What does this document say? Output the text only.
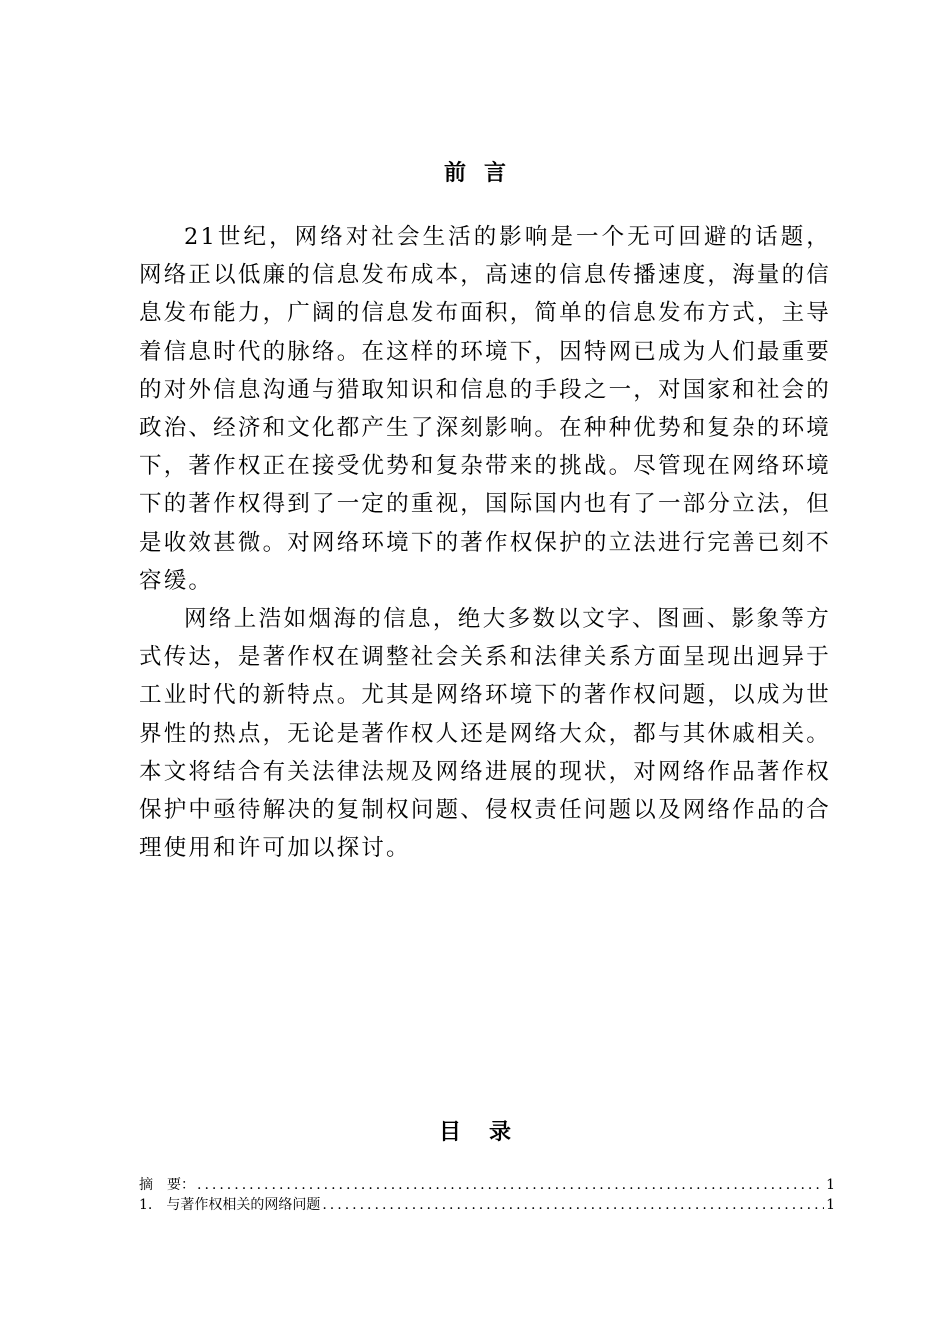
前言

21世纪，网络对社会生活的影响是一个无可回避的话题，网络正以低廉的信息发布成本，高速的信息传播速度，海量的信息发布能力，广阔的信息发布面积，简单的信息发布方式，主导着信息时代的脉络。在这样的环境下，因特网已成为人们最重要的对外信息沟通与猎取知识和信息的手段之一，对国家和社会的政治、经济和文化都产生了深刻影响。在种种优势和复杂的环境下，著作权正在接受优势和复杂带来的挑战。尽管现在网络环境下的著作权得到了一定的重视，国际国内也有了一部分立法，但是收效甚微。对网络环境下的著作权保护的立法进行完善已刻不容缓。

网络上浩如烟海的信息，绝大多数以文字、图画、影象等方式传达，是著作权在调整社会关系和法律关系方面呈现出迥异于工业时代的新特点。尤其是网络环境下的著作权问题，以成为世界性的热点，无论是著作权人还是网络大众，都与其休戚相关。本文将结合有关法律法规及网络进展的现状，对网络作品著作权保护中亟待解决的复制权问题、侵权责任问题以及网络作品的合理使用和许可加以探讨。

目录
摘　要： .....	1
1. 与著作权相关的网络问题 .....	1
